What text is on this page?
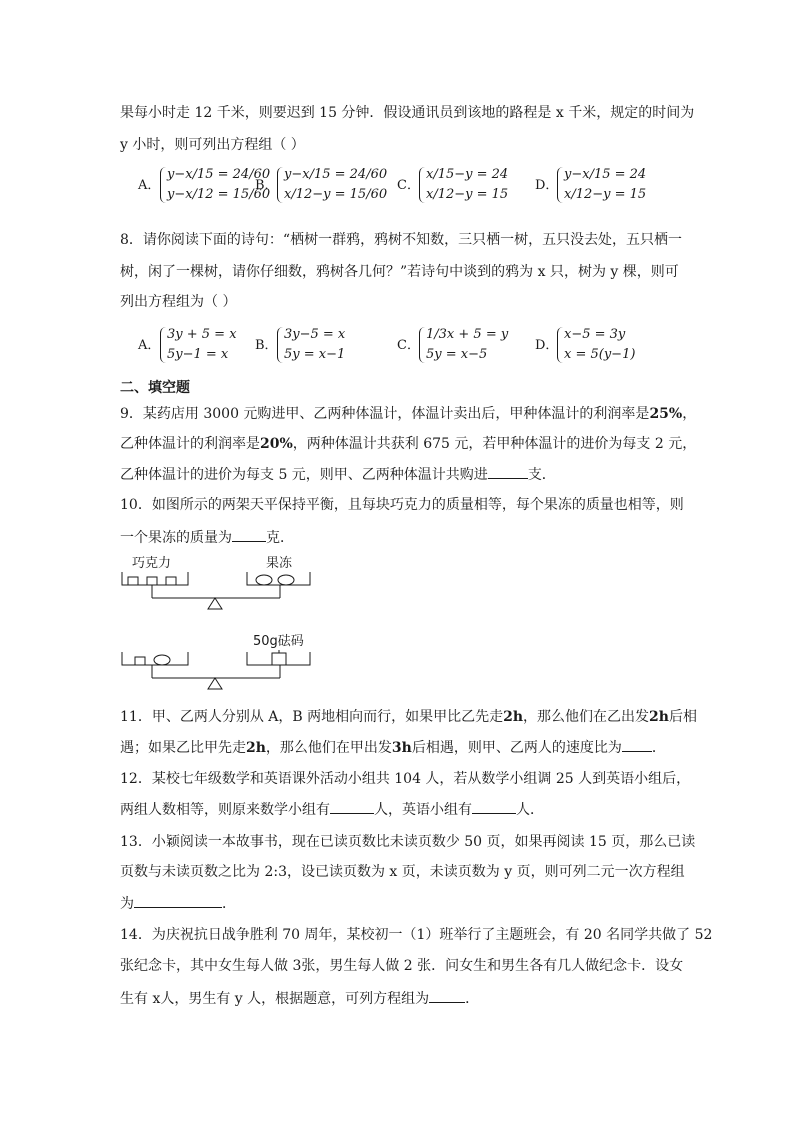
果每小时走 12 千米，则要迟到 15 分钟．假设通讯员到该地的路程是 x 千米，规定的时间为
y 小时，则可列出方程组（ ）
A．
y−x/15 = 24/60
y−x/12 = 15/60
B．
y−x/15 = 24/60
x/12−y = 15/60
C．
x/15−y = 24
x/12−y = 15
D．
y−x/15 = 24
x/12−y = 15
8．请你阅读下面的诗句：“栖树一群鸦，鸦树不知数，三只栖一树，五只没去处，五只栖一
树，闲了一棵树，请你仔细数，鸦树各几何？”若诗句中谈到的鸦为 x 只，树为 y 棵，则可
列出方程组为（ ）
A．
3y + 5 = x
5y−1 = x
B．
3y−5 = x
5y = x−1
C．
1/3x + 5 = y
5y = x−5
D．
x−5 = 3y
x = 5(y−1)
二、填空题
9．某药店用 3000 元购进甲、乙两种体温计，体温计卖出后，甲种体温计的利润率是25%，
乙种体温计的利润率是20%，两种体温计共获利 675 元，若甲种体温计的进价为每支 2 元，
乙种体温计的进价为每支 5 元，则甲、乙两种体温计共购进	支．
10．如图所示的两架天平保持平衡，且每块巧克力的质量相等，每个果冻的质量也相等，则
一个果冻的质量为 克．
巧克力	果冻
50g砝码
11．甲、乙两人分别从 A，B 两地相向而行，如果甲比乙先走2h，那么他们在乙出发2h后相
遇；如果乙比甲先走2h，那么他们在甲出发3h后相遇，则甲、乙两人的速度比为 ．
12．某校七年级数学和英语课外活动小组共 104 人，若从数学小组调 25 人到英语小组后，
两组人数相等，则原来数学小组有	人，英语小组有	人．
13．小颖阅读一本故事书，现在已读页数比未读页数少 50 页，如果再阅读 15 页，那么已读
页数与未读页数之比为 2:3，设已读页数为 x 页，未读页数为 y 页，则可列二元一次方程组
为	．
14．为庆祝抗日战争胜利 70 周年，某校初一（1）班举行了主题班会，有 20 名同学共做了 52
张纪念卡，其中女生每人做 3张，男生每人做 2 张．问女生和男生各有几人做纪念卡．设女
生有 x人，男生有 y 人，根据题意，可列方程组为	．
